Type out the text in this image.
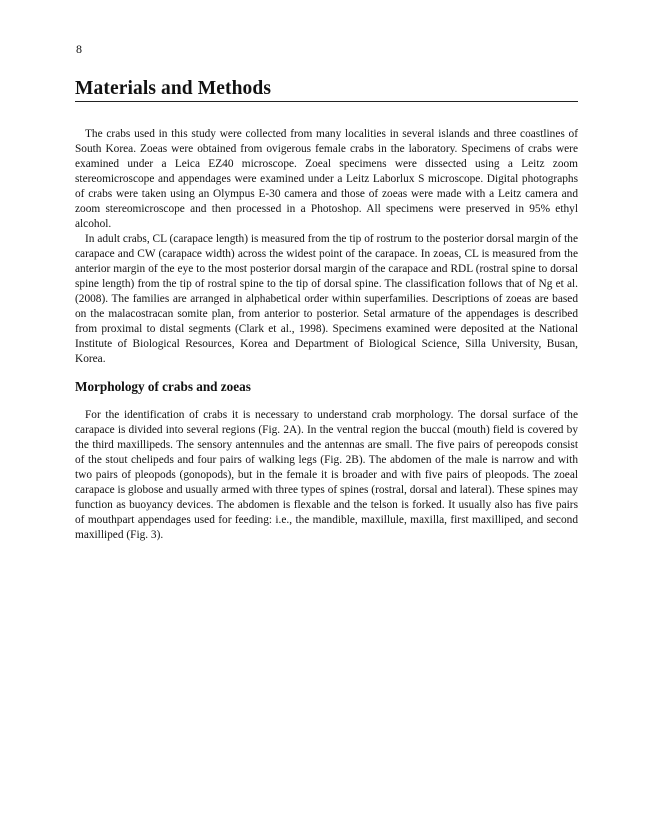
8
Materials and Methods

The crabs used in this study were collected from many localities in several islands and three coastlines of South Korea. Zoeas were obtained from ovigerous female crabs in the laboratory. Specimens of crabs were examined under a Leica EZ40 microscope. Zoeal specimens were dissected using a Leitz zoom stereomicroscope and appendages were examined under a Leitz Laborlux S microscope. Digital photographs of crabs were taken using an Olympus E-30 camera and those of zoeas were made with a Leitz camera and zoom stereomicroscope and then processed in a Photoshop. All specimens were preserved in 95% ethyl alcohol.

In adult crabs, CL (carapace length) is measured from the tip of rostrum to the posterior dorsal margin of the carapace and CW (carapace width) across the widest point of the carapace. In zoeas, CL is measured from the anterior margin of the eye to the most posterior dorsal margin of the carapace and RDL (rostral spine to dorsal spine length) from the tip of rostral spine to the tip of dorsal spine. The classification follows that of Ng et al. (2008). The families are arranged in alphabetical order within superfamilies. Descriptions of zoeas are based on the malacostracan somite plan, from anterior to posterior. Setal armature of the appendages is described from proximal to distal segments (Clark et al., 1998). Specimens examined were deposited at the National Institute of Biological Resources, Korea and Department of Biological Science, Silla University, Busan, Korea.

Morphology of crabs and zoeas

For the identification of crabs it is necessary to understand crab morphology. The dorsal surface of the carapace is divided into several regions (Fig. 2A). In the ventral region the buccal (mouth) field is covered by the third maxillipeds. The sensory antennules and the antennas are small. The five pairs of pereopods consist of the stout chelipeds and four pairs of walking legs (Fig. 2B). The abdomen of the male is narrow and with two pairs of pleopods (gonopods), but in the female it is broader and with five pairs of pleopods. The zoeal carapace is globose and usually armed with three types of spines (rostral, dorsal and lateral). These spines may function as buoyancy devices. The abdomen is flexable and the telson is forked. It usually also has five pairs of mouthpart appendages used for feeding: i.e., the mandible, maxillule, maxilla, first maxilliped, and second maxilliped (Fig. 3).
